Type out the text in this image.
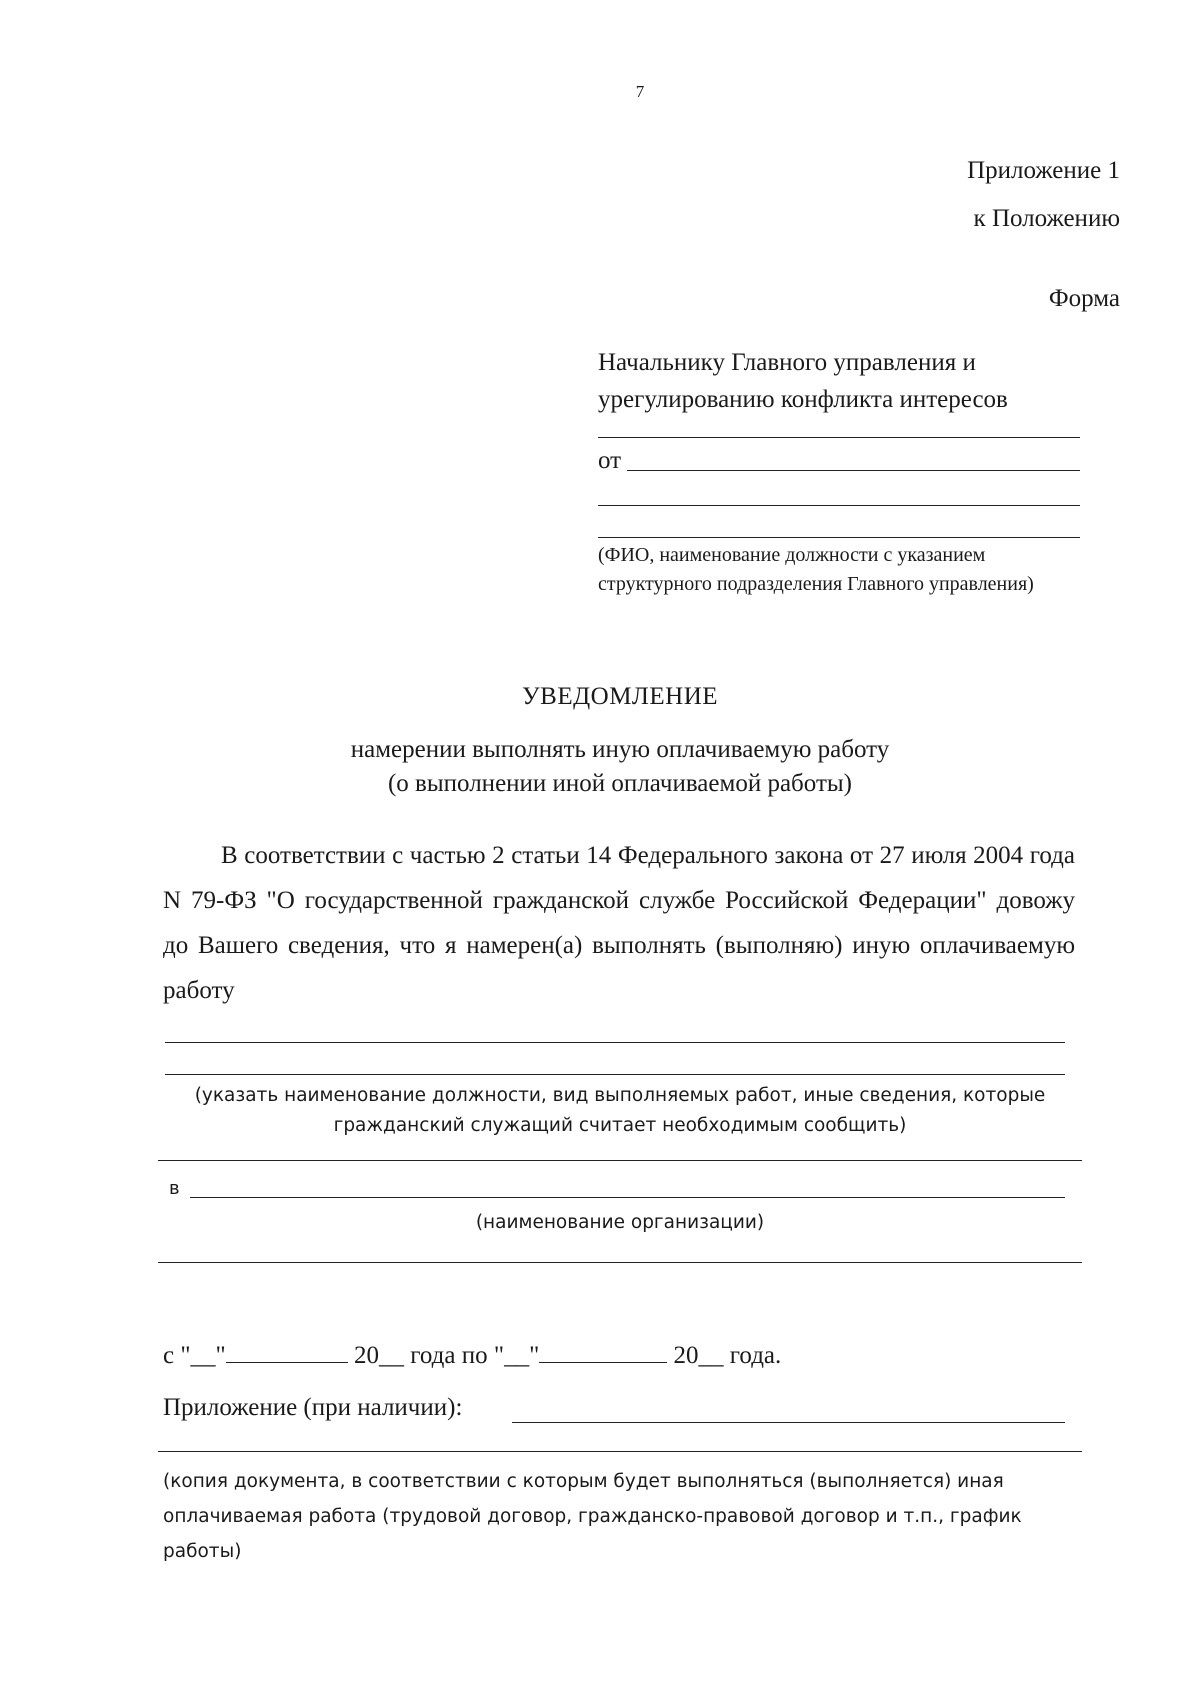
7
Приложение 1
к Положению
Форма
Начальнику Главного управления и
урегулированию конфликта интересов
от
(ФИО, наименование должности с указанием структурного подразделения Главного управления)
УВЕДОМЛЕНИЕ
намерении выполнять иную оплачиваемую работу
(о выполнении иной оплачиваемой работы)
В соответствии с частью 2 статьи 14 Федерального закона от 27 июля 2004 года N 79-ФЗ "О государственной гражданской службе Российской Федерации" довожу до Вашего сведения, что я намерен(а) выполнять (выполняю) иную оплачиваемую работу
(указать наименование должности, вид выполняемых работ, иные сведения, которые
гражданский служащий считает необходимым сообщить)
в
(наименование организации)
с "__"	20__ года по "__"	20__ года.
Приложение (при наличии):
(копия документа, в соответствии с которым будет выполняться (выполняется) иная оплачиваемая работа (трудовой договор, гражданско-правовой договор и т.п., график работы)
